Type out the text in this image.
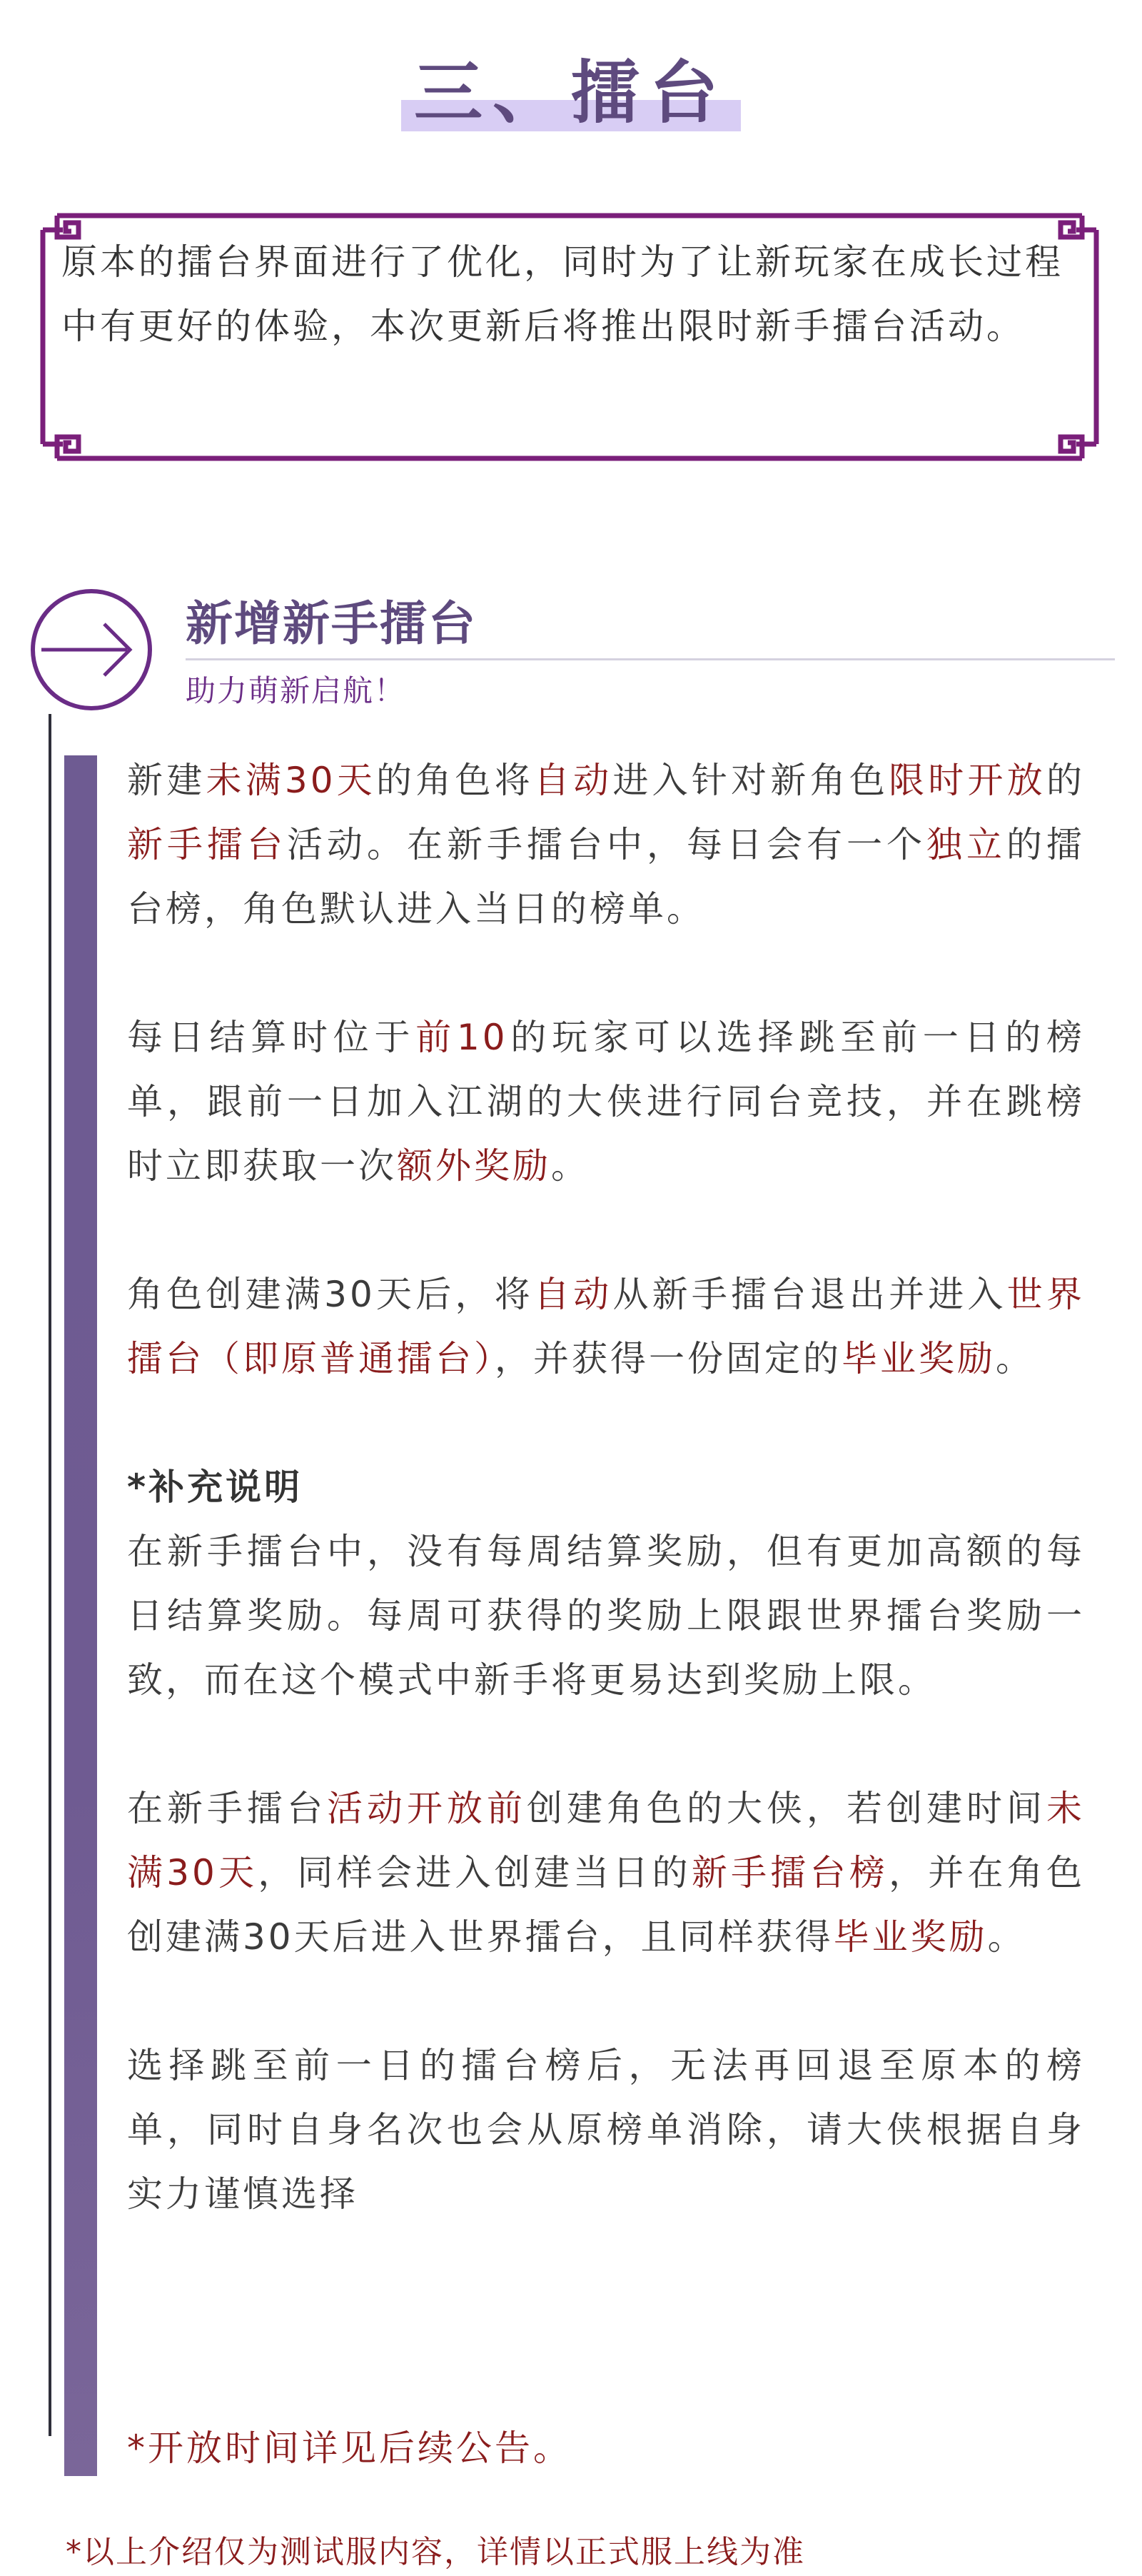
三、擂台
原本的擂台界面进行了优化，同时为了让新玩家在成长过程中有更好的体验，本次更新后将推出限时新手擂台活动。
新增新手擂台
助力萌新启航！

新建未满30天的角色将自动进入针对新角色限时开放的新手擂台活动。在新手擂台中，每日会有一个独立的擂台榜，角色默认进入当日的榜单。

每日结算时位于前10的玩家可以选择跳至前一日的榜单，跟前一日加入江湖的大侠进行同台竞技，并在跳榜时立即获取一次额外奖励。

角色创建满30天后，将自动从新手擂台退出并进入世界擂台（即原普通擂台），并获得一份固定的毕业奖励。

*补充说明

在新手擂台中，没有每周结算奖励，但有更加高额的每日结算奖励。每周可获得的奖励上限跟世界擂台奖励一致，而在这个模式中新手将更易达到奖励上限。

在新手擂台活动开放前创建角色的大侠，若创建时间未满30天，同样会进入创建当日的新手擂台榜，并在角色创建满30天后进入世界擂台，且同样获得毕业奖励。

选择跳至前一日的擂台榜后，无法再回退至原本的榜单，同时自身名次也会从原榜单消除，请大侠根据自身实力谨慎选择

*开放时间详见后续公告。
*以上介绍仅为测试服内容，详情以正式服上线为准
